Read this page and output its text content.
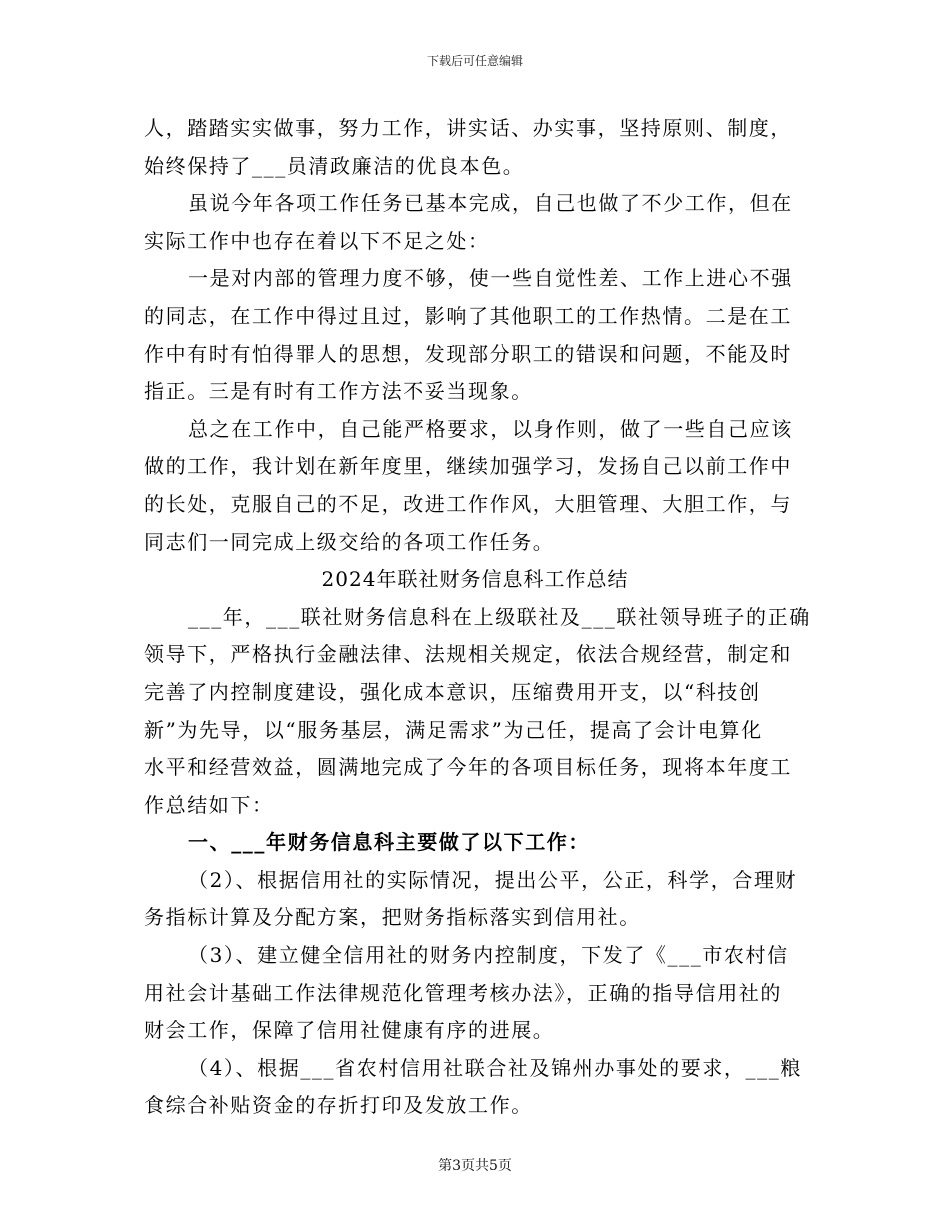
下载后可任意编辑
人，踏踏实实做事，努力工作，讲实话、办实事，坚持原则、制度，
始终保持了___员清政廉洁的优良本色。
虽说今年各项工作任务已基本完成，自己也做了不少工作，但在
实际工作中也存在着以下不足之处：
一是对内部的管理力度不够，使一些自觉性差、工作上进心不强
的同志，在工作中得过且过，影响了其他职工的工作热情。二是在工
作中有时有怕得罪人的思想，发现部分职工的错误和问题，不能及时
指正。三是有时有工作方法不妥当现象。
总之在工作中，自己能严格要求，以身作则，做了一些自己应该
做的工作，我计划在新年度里，继续加强学习，发扬自己以前工作中
的长处，克服自己的不足，改进工作作风，大胆管理、大胆工作，与
同志们一同完成上级交给的各项工作任务。
2024年联社财务信息科工作总结
___年，___联社财务信息科在上级联社及___联社领导班子的正确
领导下，严格执行金融法律、法规相关规定，依法合规经营，制定和
完善了内控制度建设，强化成本意识，压缩费用开支，以“科技创
新”为先导，以“服务基层，满足需求”为己任，提高了会计电算化
水平和经营效益，圆满地完成了今年的各项目标任务，现将本年度工
作总结如下：
一、___年财务信息科主要做了以下工作：
（2）、根据信用社的实际情况，提出公平，公正，科学，合理财
务指标计算及分配方案，把财务指标落实到信用社。
（3）、建立健全信用社的财务内控制度，下发了《___市农村信
用社会计基础工作法律规范化管理考核办法》，正确的指导信用社的
财会工作，保障了信用社健康有序的进展。
（4）、根据___省农村信用社联合社及锦州办事处的要求，___粮
食综合补贴资金的存折打印及发放工作。
第3页共5页
